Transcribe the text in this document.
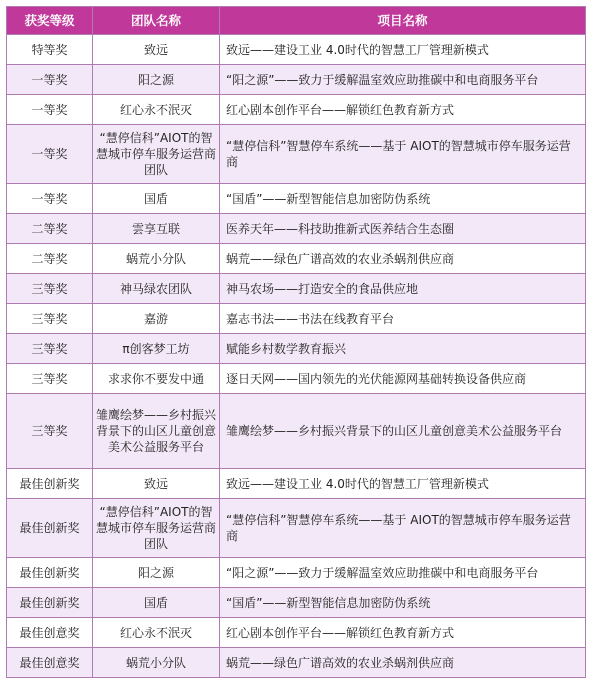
获奖等级	团队名称	项目名称
特等奖	致远	致远——建设工业 4.0时代的智慧工厂管理新模式
一等奖	阳之源	“阳之源”——致力于缓解温室效应助推碳中和电商服务平台
一等奖	红心永不泯灭	红心剧本创作平台——解锁红色教育新方式
一等奖	“慧停信科”AIOT的智慧城市停车服务运营商团队	“慧停信科”智慧停车系统——基于 AIOT的智慧城市停车服务运营商
一等奖	国盾	“国盾”——新型智能信息加密防伪系统
二等奖	雲享互联	医养天年——科技助推新式医养结合生态圈
二等奖	蜗荒小分队	蜗荒——绿色广谱高效的农业杀蜗剂供应商
三等奖	神马绿农团队	神马农场——打造安全的食品供应地
三等奖	嘉游	嘉志书法——书法在线教育平台
三等奖	π创客梦工坊	赋能乡村数学教育振兴
三等奖	求求你不要发中通	逐日天网——国内领先的光伏能源网基础转换设备供应商
三等奖	雏鹰绘梦——乡村振兴背景下的山区儿童创意美术公益服务平台	雏鹰绘梦——乡村振兴背景下的山区儿童创意美术公益服务平台
最佳创新奖	致远	致远——建设工业 4.0时代的智慧工厂管理新模式
最佳创新奖	“慧停信科”AIOT的智慧城市停车服务运营商团队	“慧停信科”智慧停车系统——基于 AIOT的智慧城市停车服务运营商
最佳创新奖	阳之源	“阳之源”——致力于缓解温室效应助推碳中和电商服务平台
最佳创新奖	国盾	“国盾”——新型智能信息加密防伪系统
最佳创意奖	红心永不泯灭	红心剧本创作平台——解锁红色教育新方式
最佳创意奖	蜗荒小分队	蜗荒——绿色广谱高效的农业杀蜗剂供应商
